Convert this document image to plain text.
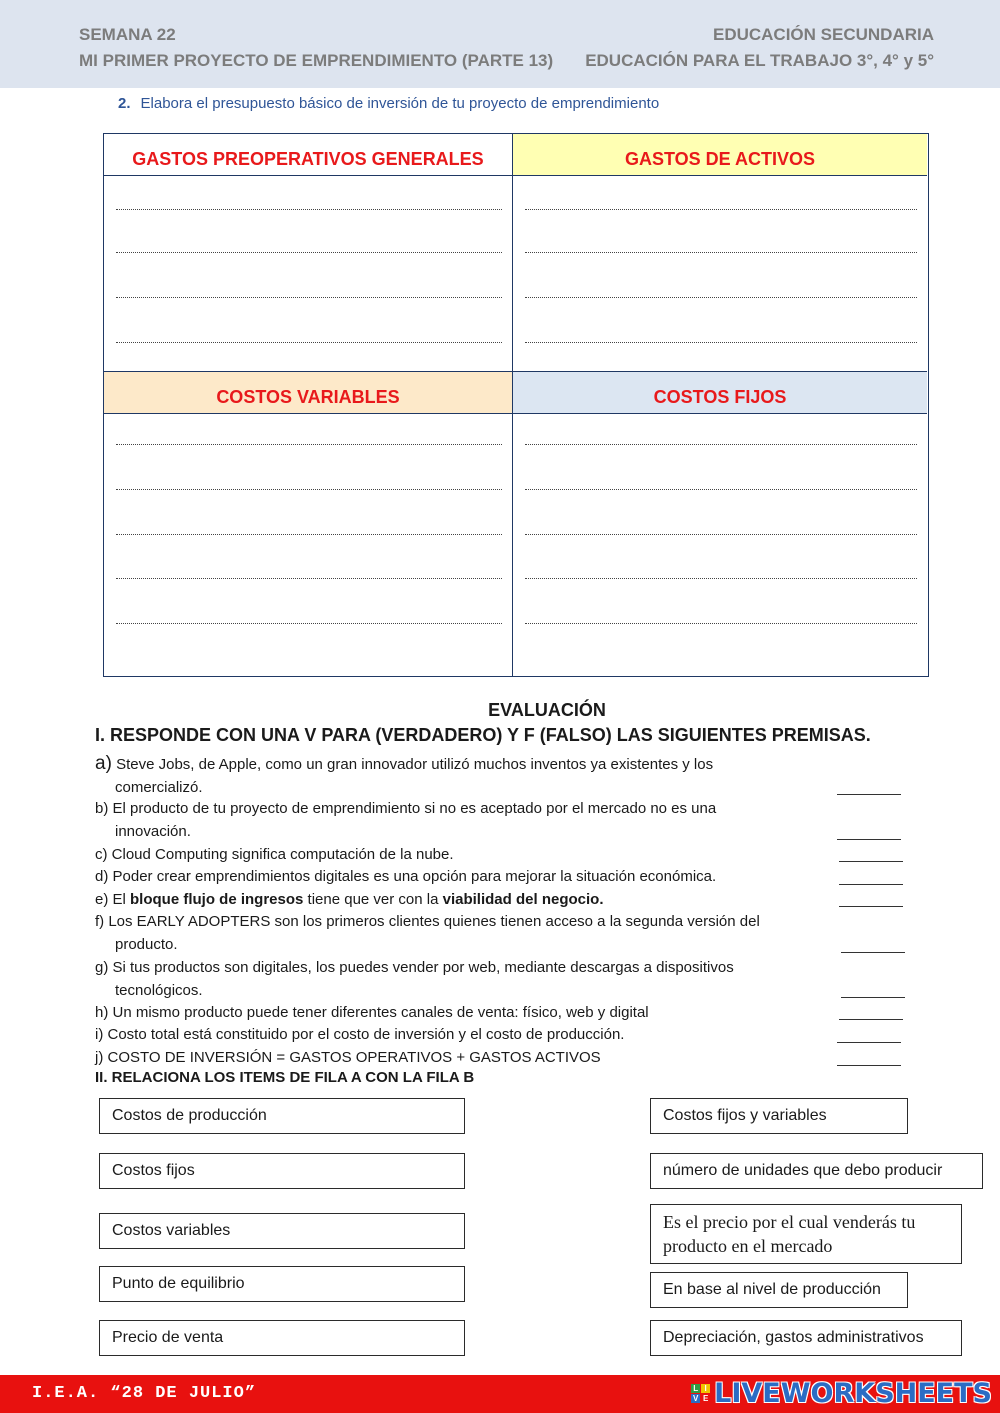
SEMANA 22
MI PRIMER PROYECTO DE EMPRENDIMIENTO (PARTE 13)
EDUCACIÓN SECUNDARIA
EDUCACIÓN PARA EL TRABAJO 3°, 4° y 5°
2. Elabora el presupuesto básico de inversión de tu proyecto de emprendimiento
GASTOS PREOPERATIVOS GENERALES	GASTOS DE ACTIVOS
COSTOS VARIABLES	COSTOS FIJOS
EVALUACIÓN
I. RESPONDE CON UNA V PARA (VERDADERO) Y F (FALSO) LAS SIGUIENTES PREMISAS.
a) Steve Jobs, de Apple, como un gran innovador utilizó muchos inventos ya existentes y los
comercializó.
b) El producto de tu proyecto de emprendimiento si no es aceptado por el mercado no es una
innovación.
c) Cloud Computing significa computación de la nube.
d) Poder crear emprendimientos digitales es una opción para mejorar la situación económica.
e) El bloque flujo de ingresos tiene que ver con la viabilidad del negocio.
f) Los EARLY ADOPTERS son los primeros clientes quienes tienen acceso a la segunda versión del
producto.
g) Si tus productos son digitales, los puedes vender por web, mediante descargas a dispositivos
tecnológicos.
h) Un mismo producto puede tener diferentes canales de venta: físico, web y digital
i) Costo total está constituido por el costo de inversión y el costo de producción.
j) COSTO DE INVERSIÓN = GASTOS OPERATIVOS + GASTOS ACTIVOS
II. RELACIONA LOS ITEMS DE FILA A CON LA FILA B
Costos de producción
Costos fijos
Costos variables
Punto de equilibrio
Precio de venta
Costos fijos y variables
número de unidades que debo producir
Es el precio por el cual venderás tu producto en el mercado
En base al nivel de producción
Depreciación, gastos administrativos
I.E.A. “28 DE JULIO”	L I
V E LIVEWORKSHEETS
